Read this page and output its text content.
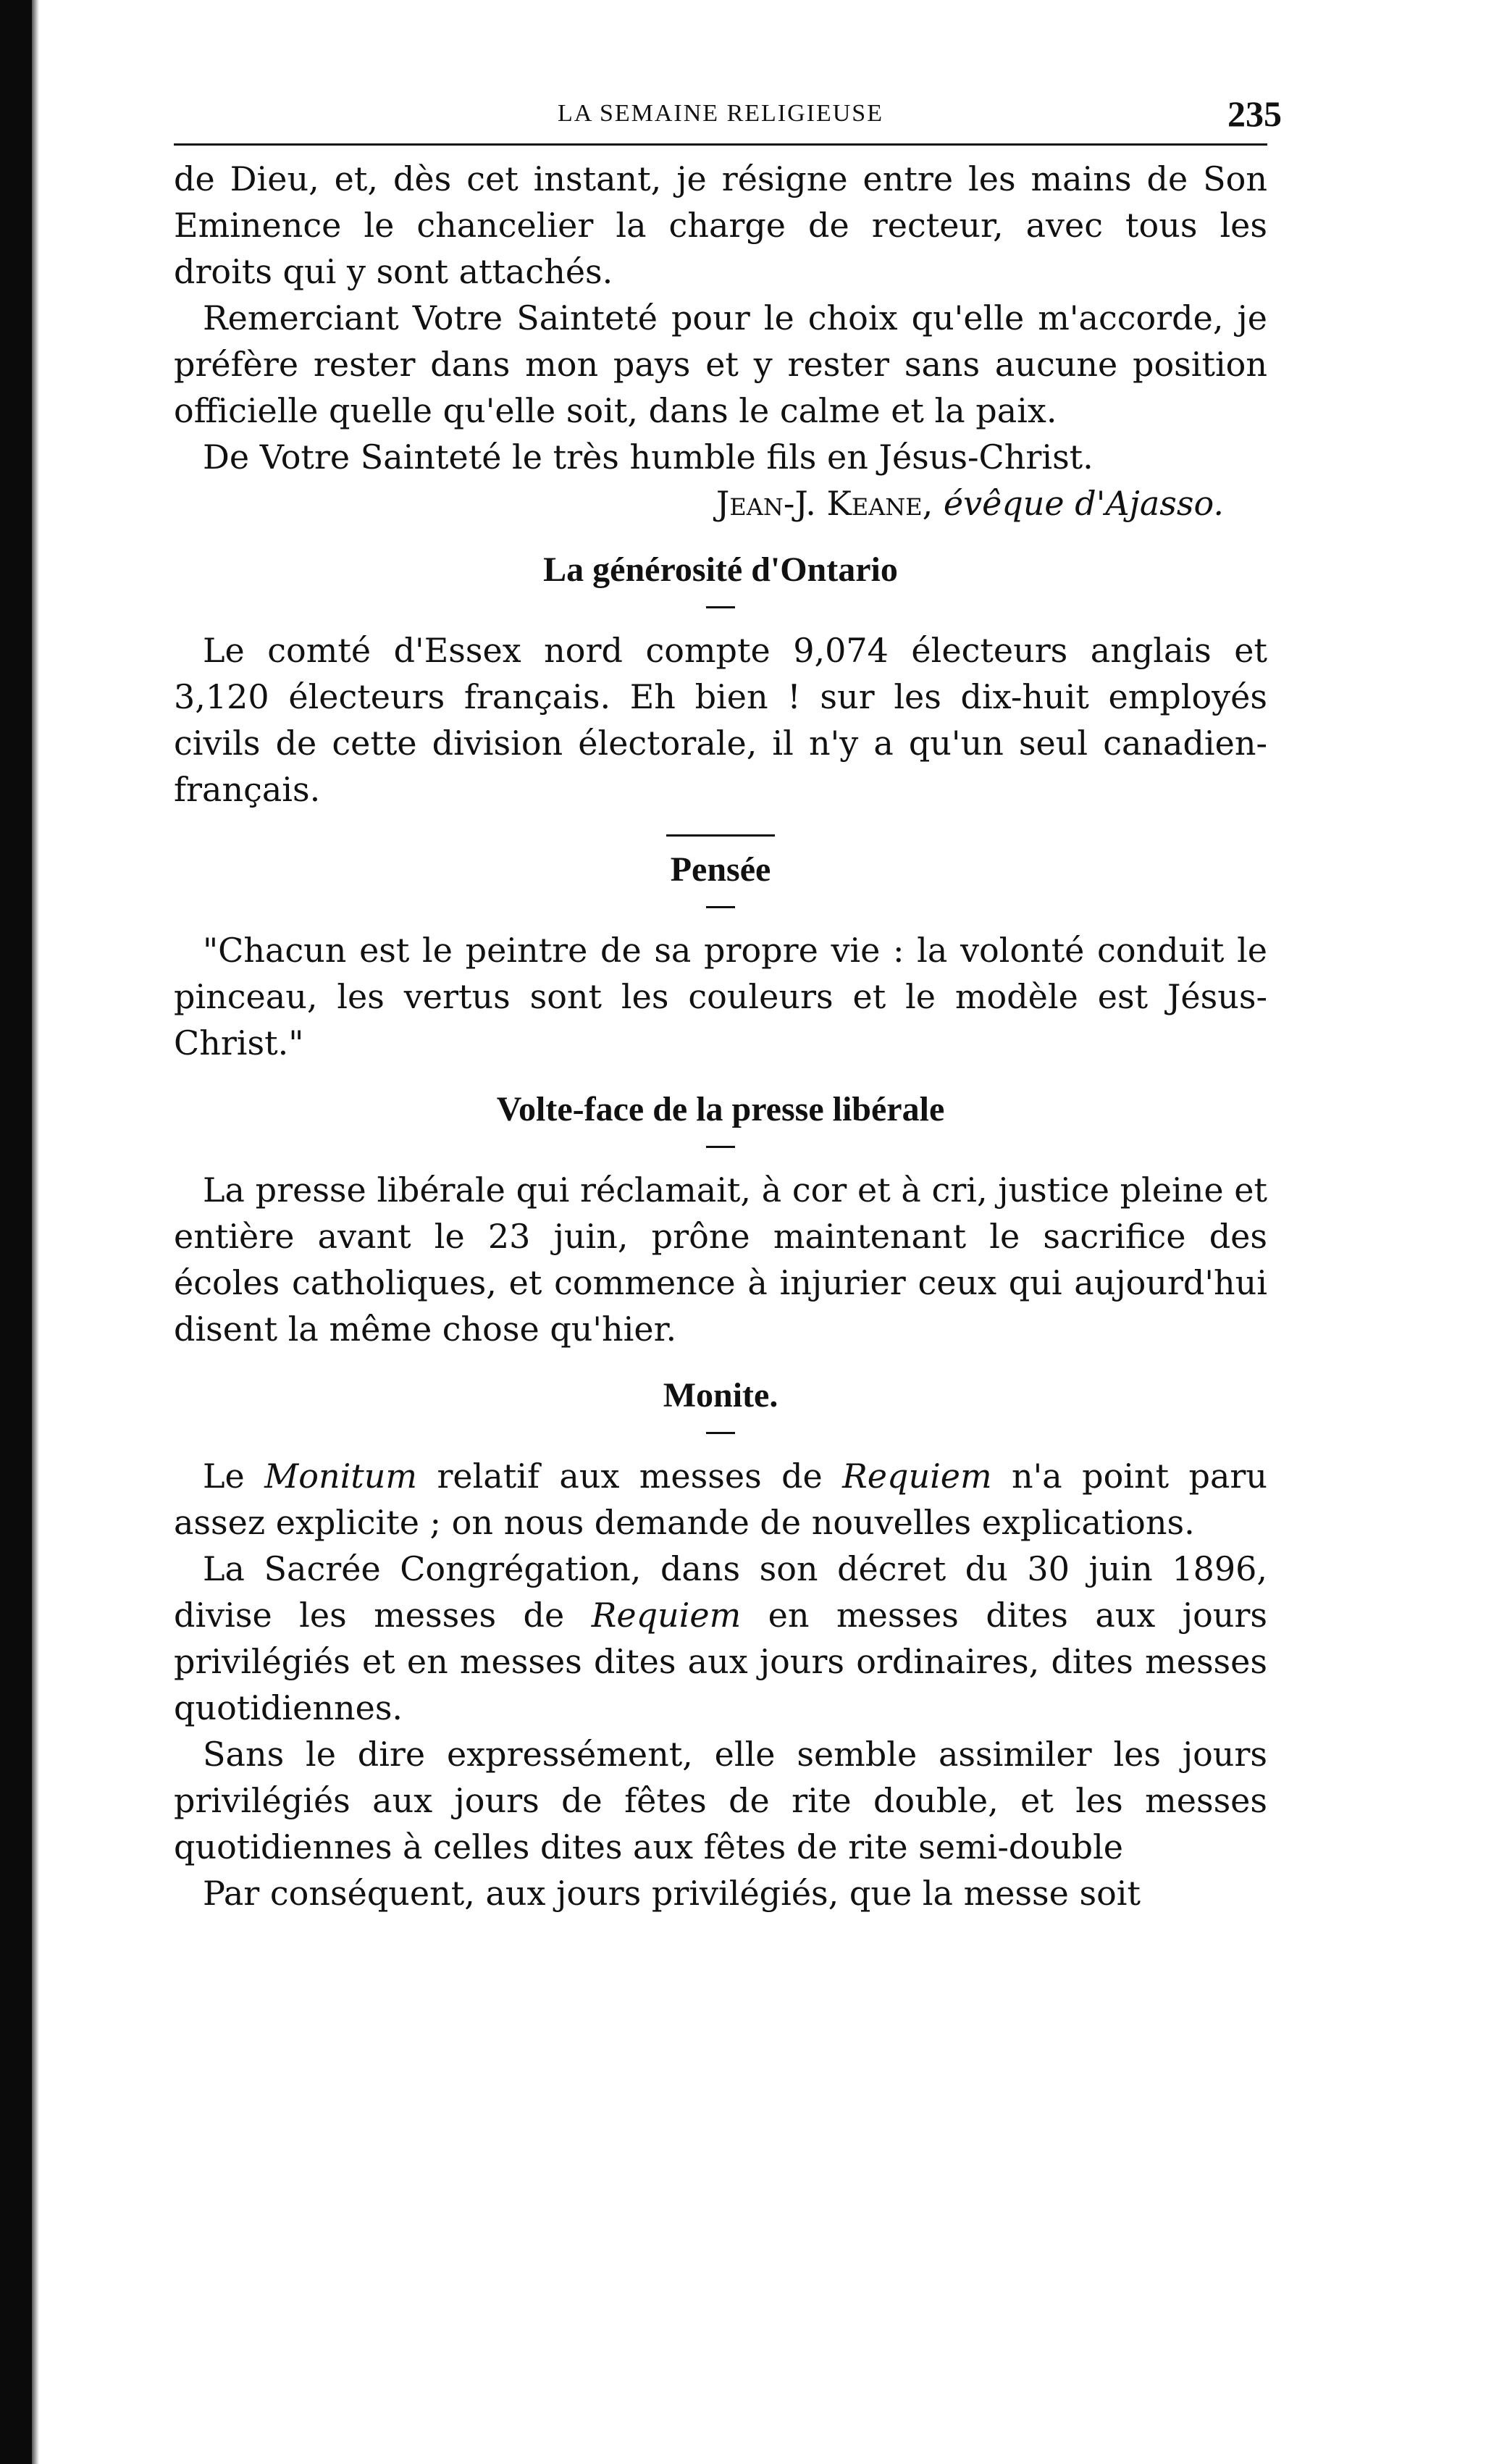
LA SEMAINE RELIGIEUSE	235

de Dieu, et, dès cet instant, je résigne entre les mains de Son Eminence le chancelier la charge de recteur, avec tous les droits qui y sont attachés.

Remerciant Votre Sainteté pour le choix qu'elle m'accorde, je préfère rester dans mon pays et y rester sans aucune position officielle quelle qu'elle soit, dans le calme et la paix.

De Votre Sainteté le très humble fils en Jésus-Christ.

Jean-J. Keane, évêque d'Ajasso.
La générosité d'Ontario

Le comté d'Essex nord compte 9,074 électeurs anglais et 3,120 électeurs français. Eh bien ! sur les dix-huit employés civils de cette division électorale, il n'y a qu'un seul canadien-français.

Pensée

"Chacun est le peintre de sa propre vie : la volonté conduit le pinceau, les vertus sont les couleurs et le modèle est Jésus-Christ."

Volte-face de la presse libérale

La presse libérale qui réclamait, à cor et à cri, justice pleine et entière avant le 23 juin, prône maintenant le sacrifice des écoles catholiques, et commence à injurier ceux qui aujourd'hui disent la même chose qu'hier.

Monite.

Le Monitum relatif aux messes de Requiem n'a point paru assez explicite ; on nous demande de nouvelles explications.

La Sacrée Congrégation, dans son décret du 30 juin 1896, divise les messes de Requiem en messes dites aux jours privilégiés et en messes dites aux jours ordinaires, dites messes quotidiennes.

Sans le dire expressément, elle semble assimiler les jours privilégiés aux jours de fêtes de rite double, et les messes quotidiennes à celles dites aux fêtes de rite semi-double

Par conséquent, aux jours privilégiés, que la messe soit
